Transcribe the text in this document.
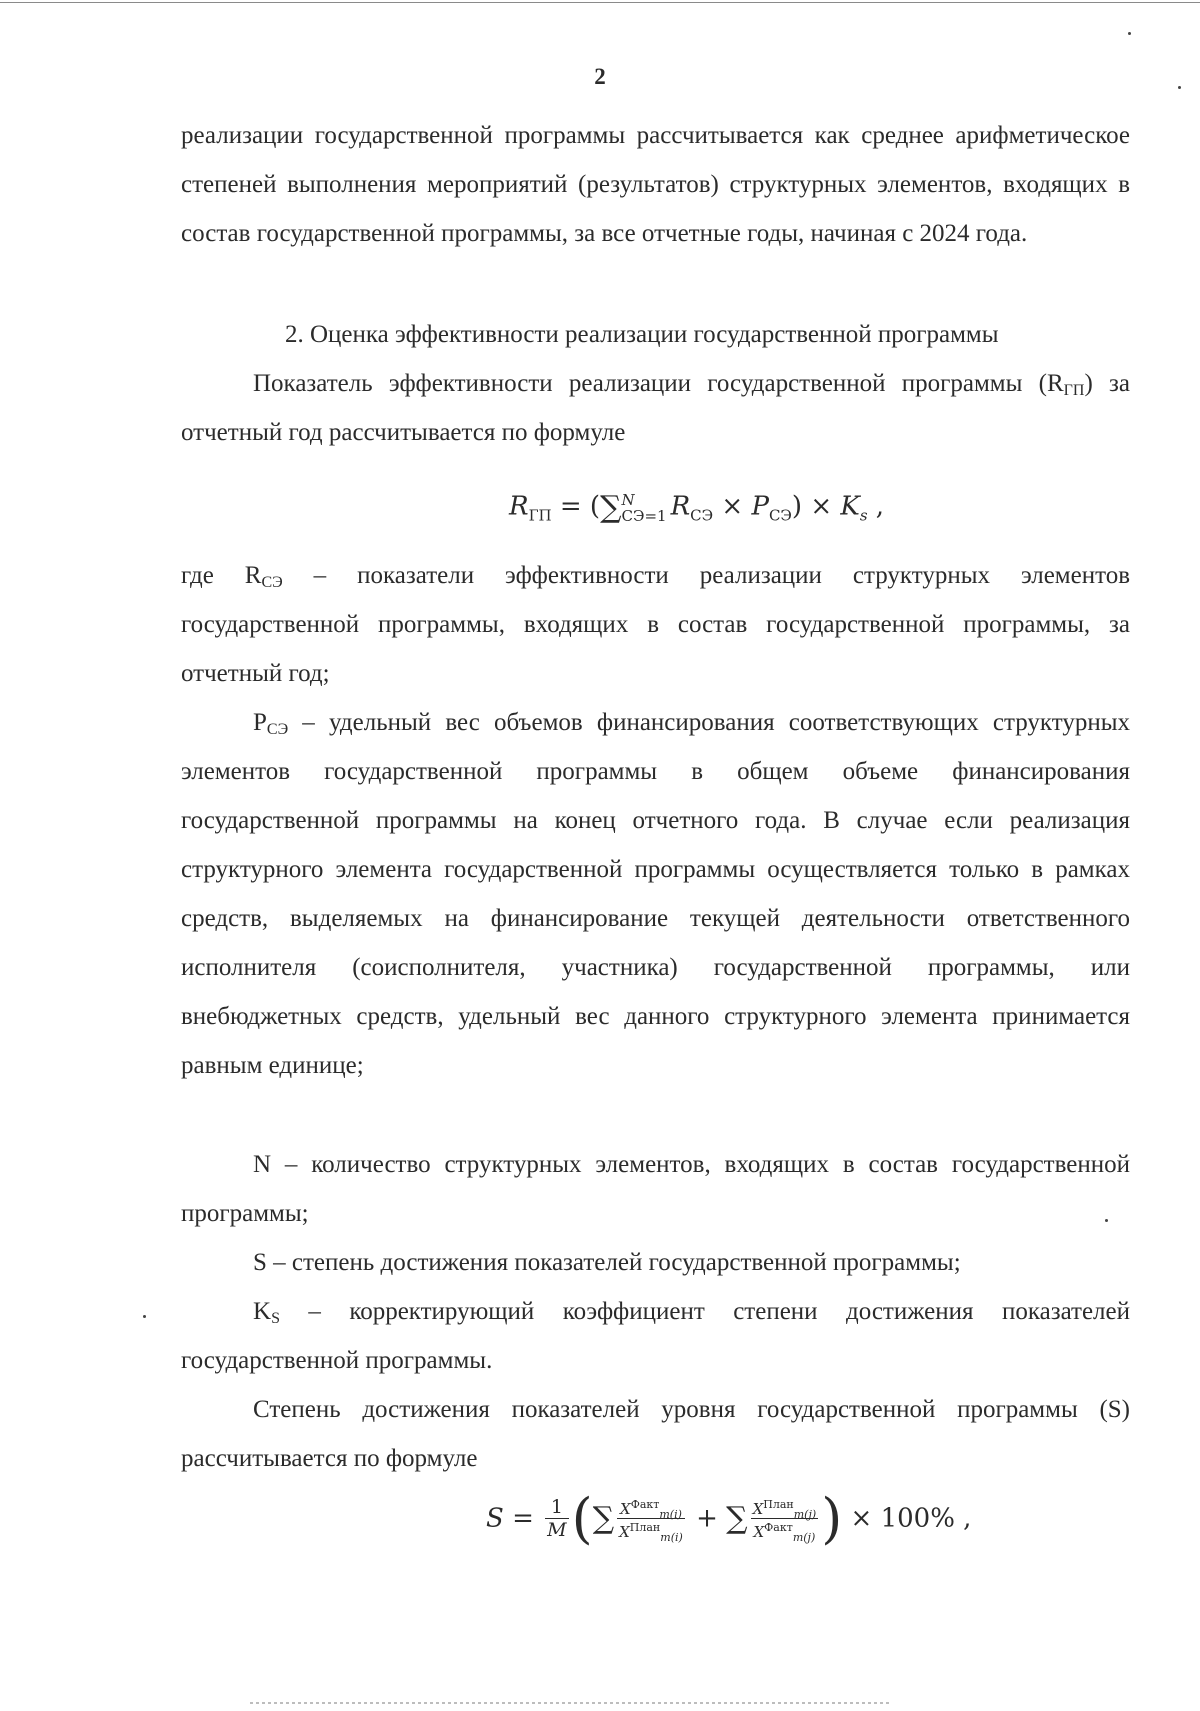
2

реализации государственной программы рассчитывается как среднее арифметическое степеней выполнения мероприятий (результатов) структурных элементов, входящих в состав государственной программы, за все отчетные годы, начиная с 2024 года.

2. Оценка эффективности реализации государственной программы

Показатель эффективности реализации государственной программы $(R_{ГП})$ за отчетный год рассчитывается по формуле

$R_{ГП}$ = (∑ N
СЭ=1 $R_{СЭ} \times P_{СЭ}) \times K_s$ ,

где $R_{СЭ}$ – показатели эффективности реализации структурных элементов государственной программы, входящих в состав государственной программы, за отчетный год;

$P_{СЭ}$ – удельный вес объемов финансирования соответствующих структурных элементов государственной программы в общем объеме финансирования государственной программы на конец отчетного года. В случае если реализация структурного элемента государственной программы осуществляется только в рамках средств, выделяемых на финансирование текущей деятельности ответственного исполнителя (соисполнителя, участника) государственной программы, или внебюджетных средств, удельный вес данного структурного элемента принимается равным единице;

N – количество структурных элементов, входящих в состав государственной программы;

S – степень достижения показателей государственной программы;

$K_S$ – корректирующий коэффициент степени достижения показателей государственной программы.

Степень достижения показателей уровня государственной программы (S) рассчитывается по формуле

$S = \frac{1}{M}$ (∑ $\frac{X^{Факт}_{m(i)}}{X^{План}_{m(i)}}$ + ∑ $\frac{X^{План}_{m(j)}}{X^{Факт}_{m(j)}}$ ) × 100% ,
